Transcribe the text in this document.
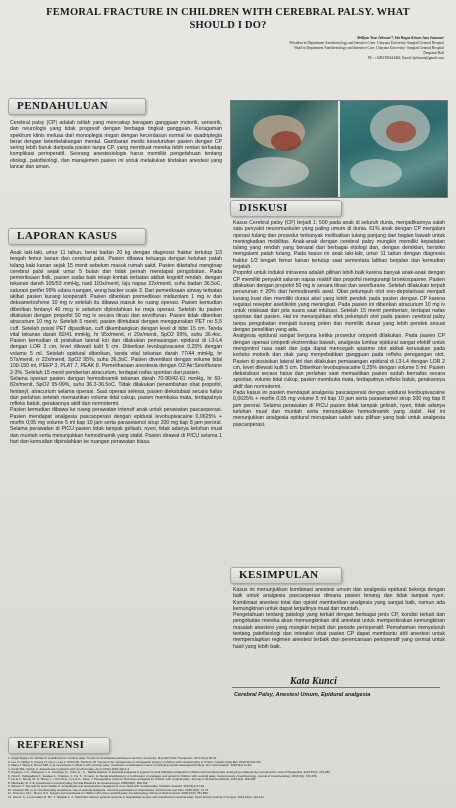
FEMORAL FRACTURE IN CHILDREN WITH CEREBRAL PALSY. WHAT
SHOULD I DO?
Brillyan Yoar Jehosua¹*, Ida Bagus Krisna Jaya Sutawan²
¹Resident in Department Anesthesiology and Intensive Care. Udayana University-Sanglah General Hospital
²Staff in Department Anesthesiology and Intensive Care. Udayana University- Sanglah General Hospital
Denpasar-Bali
Ph : +6282393444462; Email: bjehosua@gmail.com
PENDAHULUAN

Cerebral palsy (CP) adalah istilah yang mencakup beragam gangguan motorik, sensorik, dan neurologis yang tidak progresif dengan berbagai tingkat gangguan. Keragaman spektrum klinis meluas dari monoplegia ringan dengan kecerdasan normal ke quadriplegia berat dengan keterbelakangan mental. Gambaran medis keseluruhan pasien dengan CP sering lebih buruk daripada pasien tanpa CP, yang membuat mereka lebih rentan terhadap komplikasi perioperatif. Seorang anestesiologis harus memiliki pengetahuan tentang etiologi, patofisiologi, dan manajemen pasien ini untuk melakukan tindakan anestesi yang lancar dan aman.

LAPORAN KASUS

Anak laki-laki, umur 11 tahun, berat badan 20 kg dengan diagnosis fraktur tertutup 1/3 tengah femur kanan dan cerebral palsi. Pasien dibawa keluarga dengan keluhan patah tulang kaki kanan sejak 15 menit sebelum masuk rumah sakit. Pasien diketahui menginap cerebral palsi sejak umur 5 bulan dan tidak pernah mendapat pengobatan. Pada pemeriksaan fisik, pasien sadar baik tetapi kontak terbatas akibat kognitif rendah, dengan tekanan darah 105/53 mmHg, nadi 110x/menit, laju napas 22x/menit, suhu badan 36,5oC, saturasi perifer 99% udara ruangan, wong backer scale 3. Dari pemeriksaan airway terbatas akibat pasien kurang kooperatif. Pasien diberikan premedikasi midazolam 1 mg iv dan deksametoshone 10 mg iv setelah itu dibawa masuk ke ruang operasi. Pasien kemudian diberikan fentanyl 40 mcg iv sebelum dipindahkan ke meja operasi. Setelah itu pasien dilakukan dengan propofol 50 mg iv secara titrasi dan sevofluran. Pasien tidak diberikan atracurium 10 mg iv. Setelah 5 menit, pasien diintubasi dengan menggunakan PET no 5,5 cuff. Setelah posisi PET dipastikan, cuff dikembangkan dengan level di bibir 15 cm. Tanda vital tekanan darah 82/41 mmHg, hr 95x/menit, rr 20x/menit, SpO2 99%, suhu 36.4oc. Pasien kemudian di posisikan lateral kiri dan dilakukan pemasangan epidural di L3-L4 dengan LOR 2 cm, level dilewati kulit 5 cm. Diberikan levobupivacaine 0,25% dengan volume 5 ml. Setelah epidural diberikan, tanda vital tekanan darah 77/44 mmHg, hr 57x/menit, rr 22x/menit, SpO2 95%, suhu 36,3oC. Pasien diventilasi dengan volume tidal 100-150 ml, PEEP 3, PLAT 7, PEAK 8. Pemeliharaan anestesia dengan O2:Air:Sevoflurane 2-3%. Setelah 15 menit pemberian atracurium, terdapat nafas spontan dari pasien.

Selama operasi pasien dengan hemodinamik tekanan darah 70-90/42-61 mmHg, hr 60-82x/menit, SpO2 95-99%, suhu 36.3-36.5oC. Tidak dilakukan penambahan obat propofol, fentanyl, atracurium selama operasi. Saat operasi selesai, pasien diekstubasi secara halus dan perlahan setelah memastikan volume tidal cukup, pasien membuka mata, terdapatnya refleks batuk, gerakannya aktif dan normotermi.

Pasien kemudian dibawa ke ruang perawatan intensif anak untuk perawatan pascaoperasi. Pasien mendapat analgesia pascaoperasi dengan epidural levobupivacaine 0,0625% + morfin 0,05 mg volume 5 ml tiap 10 jam serta parasetamol sirup 200 mg tiap 8 jam peroral. Selama perawatan di PICU pasien tidak tampak gelisah, nyeri, tidak adanya keluhan mual dan muntah serta menunjukkan hemodinamik yang stabil. Pasien dirawat di PICU selama 1 hari dan kemudian dipindahkan ke ruangan perawatan biasa.

DISKUSI

Kasus Cerebral palsy (CP) terjadi 1: 500 pada anak di seluruh dunia, menjadikannya salah satu penyakit neuromuskuler yang paling umum di dunia. 61% anak dengan CP menjalani operasi tulang dan prosedur terbanyak melibatkan tulang panjang dari bagian bawah untuk meningkatkan mobilitas. Anak-anak dengan cerebral palsy mungkin memiliki kepadatan tulang yang rendah yang berasal dari berbagai etiologi dan, dengan demikian, berisiko mengalami patah tulang. Pada kasus ini anak laki-laki, umur 11 tahun dengan diagnosis fraktur 1/3 tengah femur kanan tertutup saat sementara latihan berjalan dan kemudian terjatuh.

Propofol untuk induksi intravena adalah pilihan lebih baik karena banyak anak-anak dengan CP memiliki penyakit saluran napas reaktif dan propofol mengurangi bronkospasme. Pasien dilakukan dengan propofol 50 mg iv secara titrasi dan sevoflurane. Setelah dilakukan terjadi penurunan ± 20% dari hemodinamik awal. Obat pelumpuh otot non-depolarisasi menjadi kurang kuat dan memiliki durasi aksi yang lebih pendek pada pasien dengan CP karena regulasi reseptor asetilkolin yang meningkat. Pada pasien ini diberikan atracurium 10 mg iv untuk relaksasi dari pita suara saat intubasi. Setelah 15 menit pemberian, terdapat nafas spontan dari pasien. Hal ini menunjukkan efek pelumpuh otot pada pasien cerebral palsy tanpa pengobatan menjadi kurang poten dan memiliki durasi yang lebih pendek sesuai dengan penelitian yang ada.

Analgesia epidural sangat berguna ketika prosedur ortopedi dilakukan. Pada pasien CP dengan operasi ortopedi ekstremitas bawah, analgesia lumbar epidural sangat efektif untuk mengontrol rasa sakit dan juga dapat mencegah spasme otot akibat kerusakan pada korteks motorik dan otak yang menyebabkan gangguan pada refleks peregangan otot. Pasien di posisikan lateral kiri dan dilakukan pemasangan epidural di L3-L4 dengan LOR 2 cm, level dilewati kulit 5 cm. Diberikan levobupivacaine 0,25% dengan volume 5 ml. Pasien diekstubasi secara halus dan perlahan saat memastikan pasien sudah bernafas secara spontan, volume tidal cukup, pasien membuka mata, terdapatnya refleks batuk, gerakannya aktif dan normotermi.

Pada kasus ini pasien mendapat analgesia pascaoperasi dengan epidural levobupivacaine 0,0625% + morfin 0,05 mg volume 5 ml tiap 10 jam serta parasetamol sirup 200 mg tiap 8 jam peroral. Selama perawatan di PICU pasien tidak tampak gelisah, nyeri, tidak adanya keluhan mual dan muntah serta menunjukkan hemodinamik yang stabil. Hal ini menunjukkan analgesia epidural merupakan salah satu pilihan yang baik untuk analgesia pascaoperasi.

KESIMPULAN

Kasus ini menunjukkan kombinasi anestesi umum dan analgesia epidural bekerja dengan baik untuk analgesia pascaoperasi dimana pasien tenang dan tidak tampak nyeri. Kombinasi anestesi total dan opioid memberikan analgesia yang sangat baik, namun ada kemungkinan untuk dapat terjadinya mual dan muntah.

Pengetahuan tentang patologi yang terkait dengan berbagai jenis CP, kondisi terkait dan pengobatan mereka akan memungkinkan ahli anestesi untuk memperkirakan kemungkinan masalah anestesi yang mungkin terjadi dan periode perioperatif. Pemahaman menyeluruh tentang patofisiologi dan interaksi obat pasien CP dapat membantu ahli anestesi untuk memperslapkan regimen anestesi terbaik dan perencanaan perioperatif yang cermat untuk hasil yang lebih baik.

Kata Kunci
Cerebral Palsy, Anestesi Umum, Epidural analgesia
REFERENSI
1. Singhi Rajeev DJ, Mohan R. Anesthesia for cerebral palsy. Trends for anesthesia practitioners and the community. Med JDY Path Therapeutic. 2017;21(1):18-42.
2. Lee JY, Wilson K, Kwong LY, Kim H, Lee A. Sinha SK. Pacheco JP. Trends in the management of orthopaedic surgery in children with cerebral palsy in Ontario. Anesth Analg Bull. 2015;35:364-370.
3. Wang J, Wang Z, Brown MM, et al. Anesthesia in children with cerebral palsy: anesthetic considerations based on clinical and pharmacological findings. Ann Card Anaesth. 2020;8(1):11-20.
4. Ismail MH, Cardon C. Anaesthesia in patients with cerebral palsy. Ann Int Med 2015;4(2):1-4.
5. Prasetyo. L.R., Widayana, L.A., Pandaya, D., Chen, E., S. , Nahlia Aliafaris. R. Epidural analgesia is superior to local infiltration analgesia in children with cerebral palsy undergoing unilateral hip reconstruction. Acta Orthopaedica. 2016;87(3): 276-282.
6. Orta D., Karlsgalkyal J., Swalaw, A., Chahine, J., Fis. S., Urmann, H. Dental anesthesia by a combination of analgesic and opioid for children with cerebral palsy. Contemporary. Anesthesiology. Journal of Anesthesiology. 2016;3(1): 150-156.
7. Liu H.Y., Sheng JA, N. Sheen, L., Chen D.H., Lee D.C., Sane, Y. Perioperative of Nerve Technique analgesia for children with cerebral palsy. Journal of Clinical Anesthesia. 2015;4(3): 199-208.
8. Martinelle, M. V. E. Anesthesia in cerebral palsy. Revista Brasileira de Anestesiologia. 2005;55(6): 680-702.
9. Wesson T, Tamnahl M, Doenmkaller K. Anaesthesia and perioperative management of an infant with cerebral palsy. Pediatric Anaesth. 2019;8(4):57-62.
10. Hosseini DD, et al. Cerebral palsy anesthesia. Use of epidural analgesia. Continuing Education in Anaesthesia, Critical Care and Pain. 2016;16(2): 72-76.
11. Thomson, M.C., Myers, R.S. Surgery and anesthesia for children who have cerebral palsy. Anesthesiology Clinics of North America. 2005;23(3): 651-659.
12. Gee D. S., Lu Gonzalez R, Ms. T., Barakat C. A. Shrichlard wherent epidural outcome in hospitalized surgery with anesthetized cerebral palsy. Open Access Journal of Surgery. 2016;21(1): 116-122.
